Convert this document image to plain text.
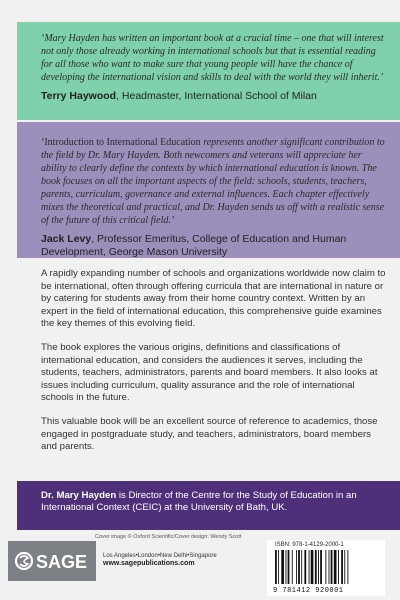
‘Mary Hayden has written an important book at a crucial time – one that will interest not only those already working in international schools but that is essential reading for all those who want to make sure that young people will have the chance of developing the international vision and skills to deal with the world they will inherit.’

Terry Haywood, Headmaster, International School of Milan

‘Introduction to International Education represents another significant contribution to the field by Dr. Mary Hayden. Both newcomers and veterans will appreciate her ability to clearly define the contexts by which international education is known. The book focuses on all the important aspects of the field: schools, students, teachers, parents, curriculum, governance and external influences. Each chapter effectively mixes the theoretical and practical, and Dr. Hayden sends us off with a realistic sense of the future of this critical field.’

Jack Levy, Professor Emeritus, College of Education and Human Development, George Mason University

A rapidly expanding number of schools and organizations worldwide now claim to be international, often through offering curricula that are international in nature or by catering for students away from their home country context. Written by an expert in the field of international education, this comprehensive guide examines the key themes of this evolving field.

The book explores the various origins, definitions and classifications of international education, and considers the audiences it serves, including the students, teachers, administrators, parents and board members. It also looks at issues including curriculum, quality assurance and the role of international schools in the future.

This valuable book will be an excellent source of reference to academics, those engaged in postgraduate study, and teachers, administrators, board members and parents.

Dr. Mary Hayden is Director of the Centre for the Study of Education in an International Context (CEIC) at the University of Bath, UK.
Cover image © Oxford Scientific/Cover design: Wendy Scott
SAGE	Los Angeles•London•New Delhi•Singapore
www.sagepublications.com
ISBN: 978-1-4129-2000-1
9 781412 920001
